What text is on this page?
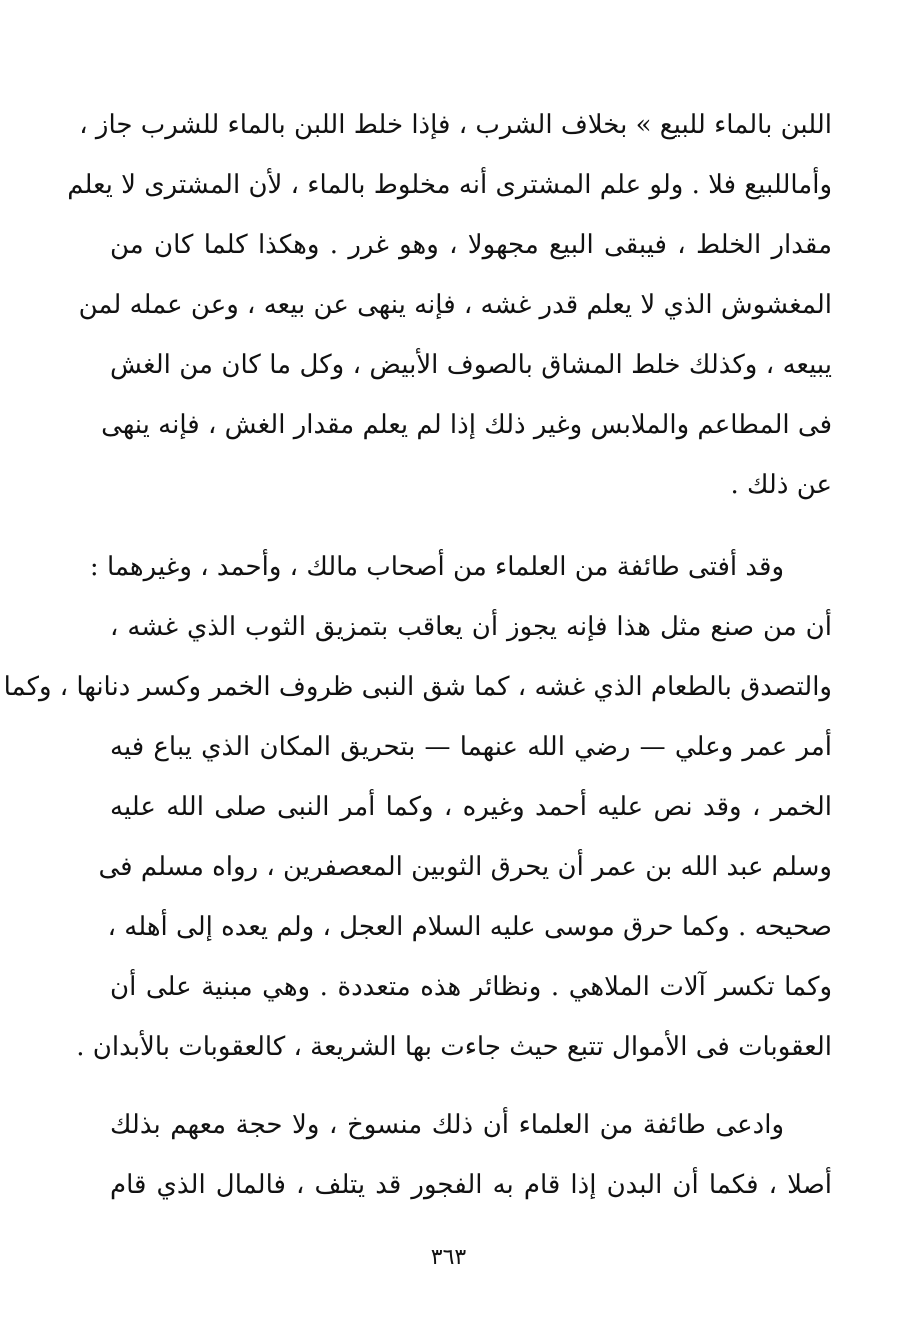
اللبن بالماء للبيع » بخلاف الشرب ، فإذا خلط اللبن بالماء للشرب جاز ،
وأماللبيع فلا . ولو علم المشترى أنه مخلوط بالماء ، لأن المشترى لا يعلم
مقدار الخلط ، فيبقى البيع مجهولا ، وهو غرر . وهكذا كلما كان من
المغشوش الذي لا يعلم قدر غشه ، فإنه ينهى عن بيعه ، وعن عمله لمن
يبيعه ، وكذلك خلط المشاق بالصوف الأبيض ، وكل ما كان من الغش
فى المطاعم والملابس وغير ذلك إذا لم يعلم مقدار الغش ، فإنه ينهى
عن ذلك .
وقد أفتى طائفة من العلماء من أصحاب مالك ، وأحمد ، وغيرهما :
أن من صنع مثل هذا فإنه يجوز أن يعاقب بتمزيق الثوب الذي غشه ،
والتصدق بالطعام الذي غشه ، كما شق النبى ظروف الخمر وكسر دنانها ، وكما
أمر عمر وعلي — رضي الله عنهما — بتحريق المكان الذي يباع فيه
الخمر ، وقد نص عليه أحمد وغيره ، وكما أمر النبى صلى الله عليه
وسلم عبد الله بن عمر أن يحرق الثوبين المعصفرين ، رواه مسلم فى
صحيحه . وكما حرق موسى عليه السلام العجل ، ولم يعده إلى أهله ،
وكما تكسر آلات الملاهي . ونظائر هذه متعددة . وهي مبنية على أن
العقوبات فى الأموال تتبع حيث جاءت بها الشريعة ، كالعقوبات بالأبدان .
وادعى طائفة من العلماء أن ذلك منسوخ ، ولا حجة معهم بذلك
أصلا ، فكما أن البدن إذا قام به الفجور قد يتلف ، فالمال الذي قام
٣٦٣
